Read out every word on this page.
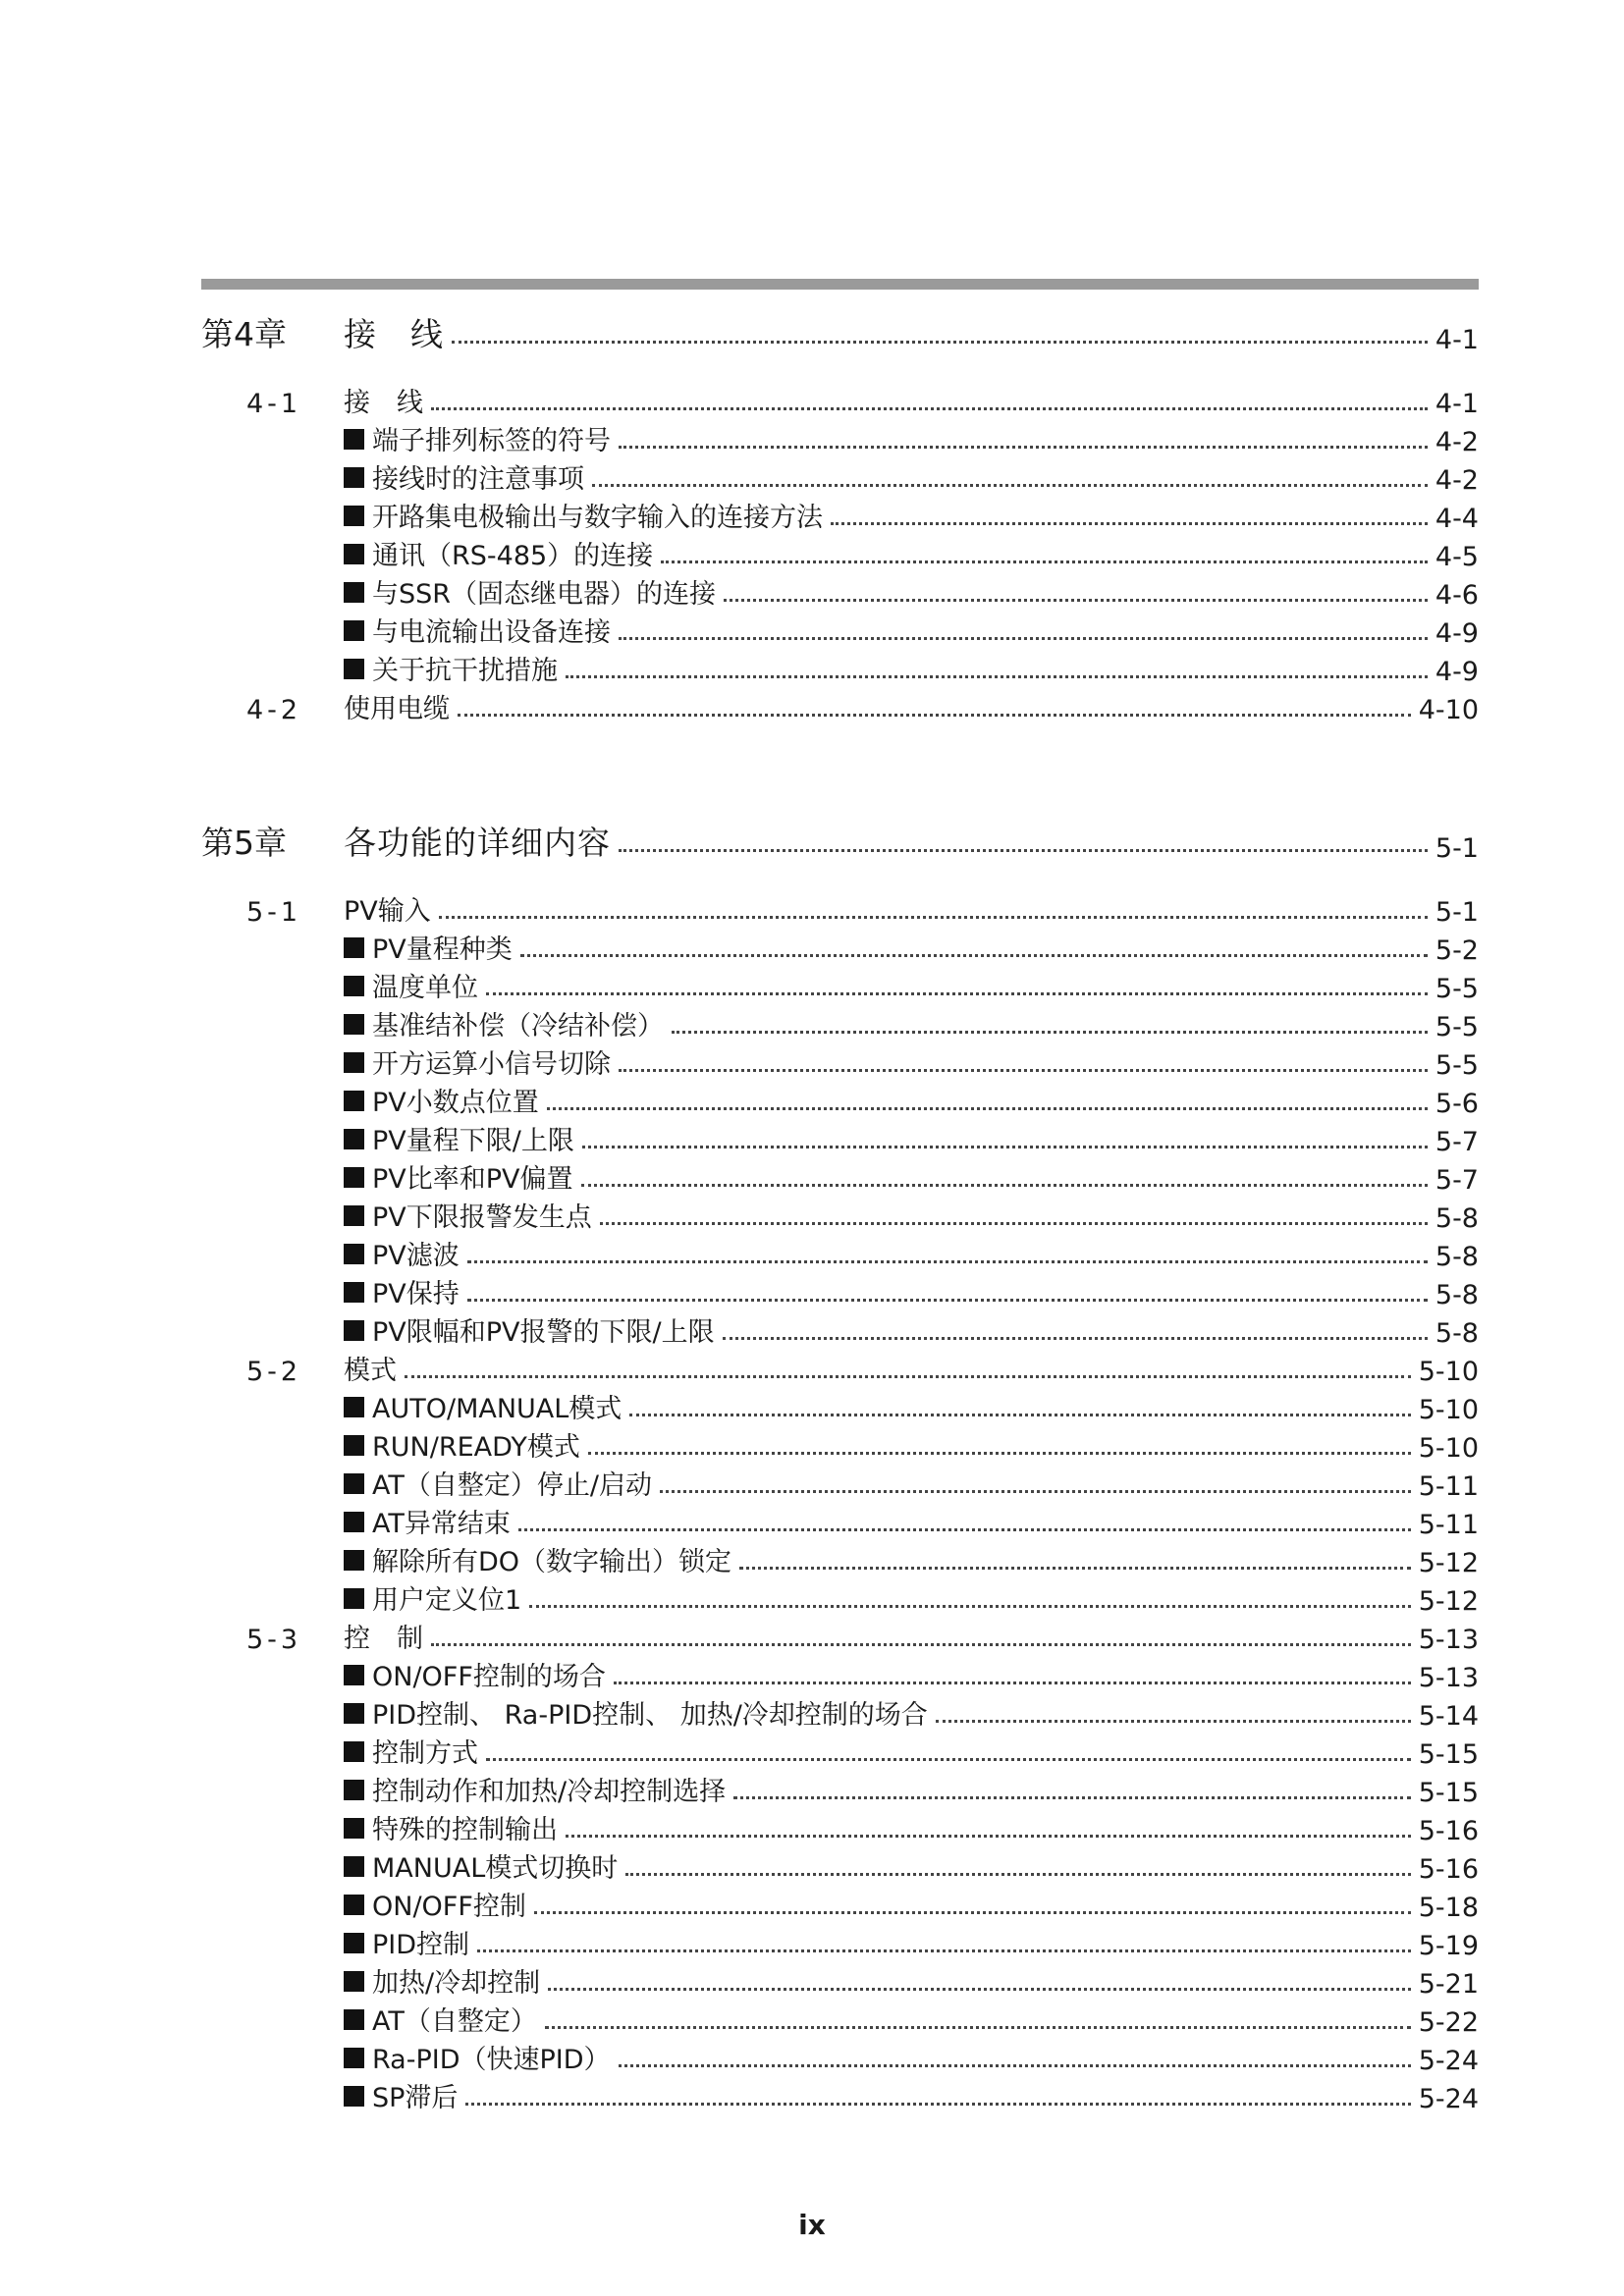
第4章	接　线	4-1
4-1	接　线	4-1
端子排列标签的符号	4-2
接线时的注意事项	4-2
开路集电极输出与数字输入的连接方法	4-4
通讯（RS-485）的连接	4-5
与SSR（固态继电器）的连接	4-6
与电流输出设备连接	4-9
关于抗干扰措施	4-9
4-2	使用电缆	4-10
第5章	各功能的详细内容	5-1
5-1	PV输入	5-1
PV量程种类	5-2
温度单位	5-5
基准结补偿（冷结补偿）	5-5
开方运算小信号切除	5-5
PV小数点位置	5-6
PV量程下限/上限	5-7
PV比率和PV偏置	5-7
PV下限报警发生点	5-8
PV滤波	5-8
PV保持	5-8
PV限幅和PV报警的下限/上限	5-8
5-2	模式	5-10
AUTO/MANUAL模式	5-10
RUN/READY模式	5-10
AT（自整定）停止/启动	5-11
AT异常结束	5-11
解除所有DO（数字输出）锁定	5-12
用户定义位1	5-12
5-3	控　制	5-13
ON/OFF控制的场合	5-13
PID控制、 Ra-PID控制、 加热/冷却控制的场合	5-14
控制方式	5-15
控制动作和加热/冷却控制选择	5-15
特殊的控制输出	5-16
MANUAL模式切换时	5-16
ON/OFF控制	5-18
PID控制	5-19
加热/冷却控制	5-21
AT（自整定）	5-22
Ra-PID（快速PID）	5-24
SP滞后	5-24
ix
